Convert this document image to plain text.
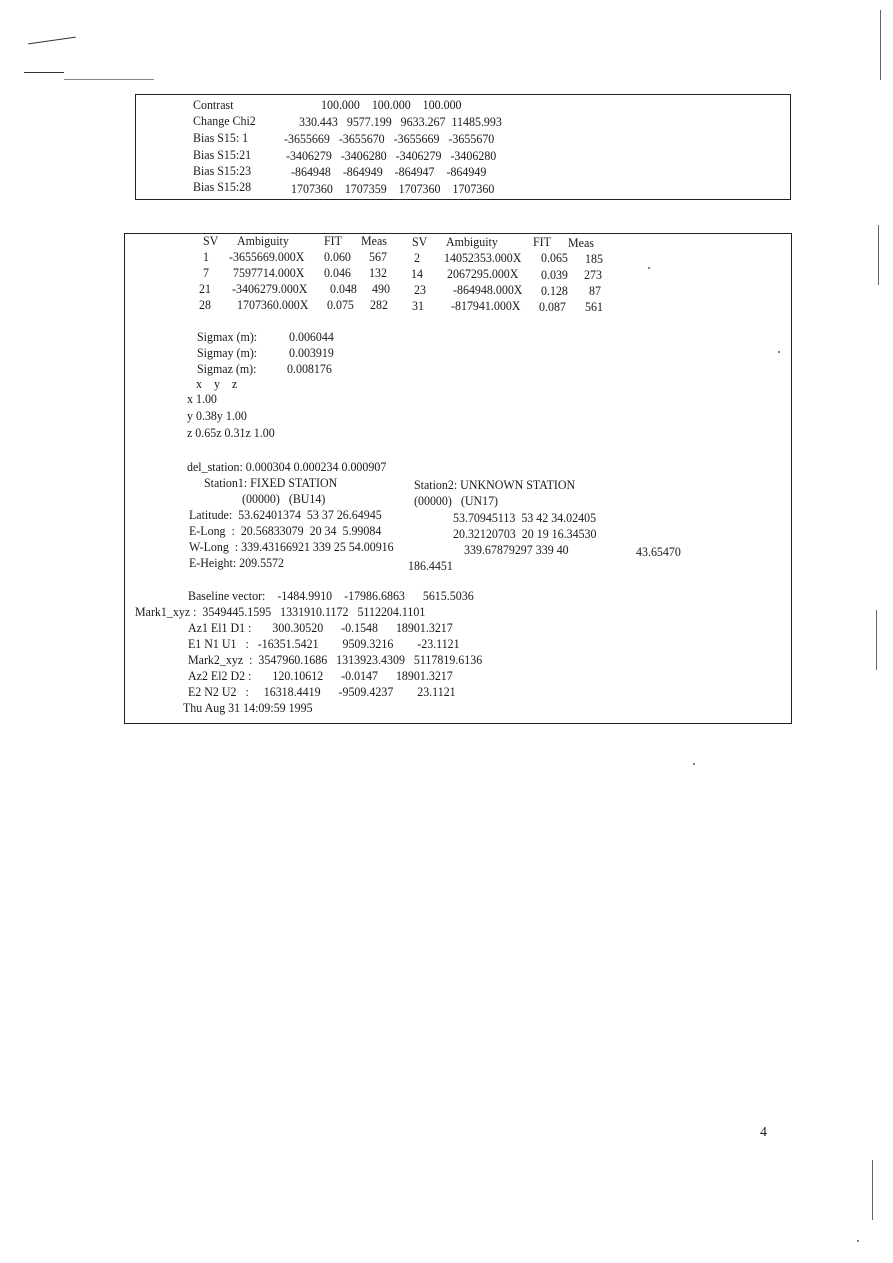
Contrast	100.000    100.000    100.000
Change Chi2	330.443   9577.199   9633.267  11485.993
Bias S15: 1	-3655669   -3655670   -3655669   -3655670
Bias S15:21	-3406279   -3406280   -3406279   -3406280
Bias S15:23	-864948    -864949    -864947    -864949
Bias S15:28	1707360    1707359    1707360    1707360
SV Ambiguity	FIT Meas SV Ambiguity	FIT Meas
1 -3655669.000X 0.060 567 2 14052353.000X 0.065 185
7 7597714.000X 0.046 132 14 2067295.000X 0.039 273
21 -3406279.000X 0.048 490 23 -864948.000X 0.128 87
28 1707360.000X 0.075 282 31 -817941.000X 0.087 561
Sigmax (m): 0.006044
Sigmay (m): 0.003919
Sigmaz (m): 0.008176
x    y    z
x 1.00
y 0.38y 1.00
z 0.65z 0.31z 1.00
del_station: 0.000304 0.000234 0.000907
Station1: FIXED STATION	Station2: UNKNOWN STATION
(00000)   (BU14)	(00000)   (UN17)
Latitude:  53.62401374  53 37 26.64945	53.70945113  53 42 34.02405
E-Long  :  20.56833079  20 34  5.99084	20.32120703  20 19 16.34530
W-Long  : 339.43166921 339 25 54.00916	339.67879297 339 40	43.65470
E-Height: 209.5572	186.4451
Baseline vector:    -1484.9910    -17986.6863      5615.5036
Mark1_xyz :  3549445.1595   1331910.1172   5112204.1101
Az1 El1 D1 :       300.30520      -0.1548      18901.3217
E1 N1 U1   :   -16351.5421        9509.3216        -23.1121
Mark2_xyz  :  3547960.1686   1313923.4309   5117819.6136
Az2 El2 D2 :       120.10612      -0.0147      18901.3217
E2 N2 U2   :     16318.4419      -9509.4237        23.1121
Thu Aug 31 14:09:59 1995
4
